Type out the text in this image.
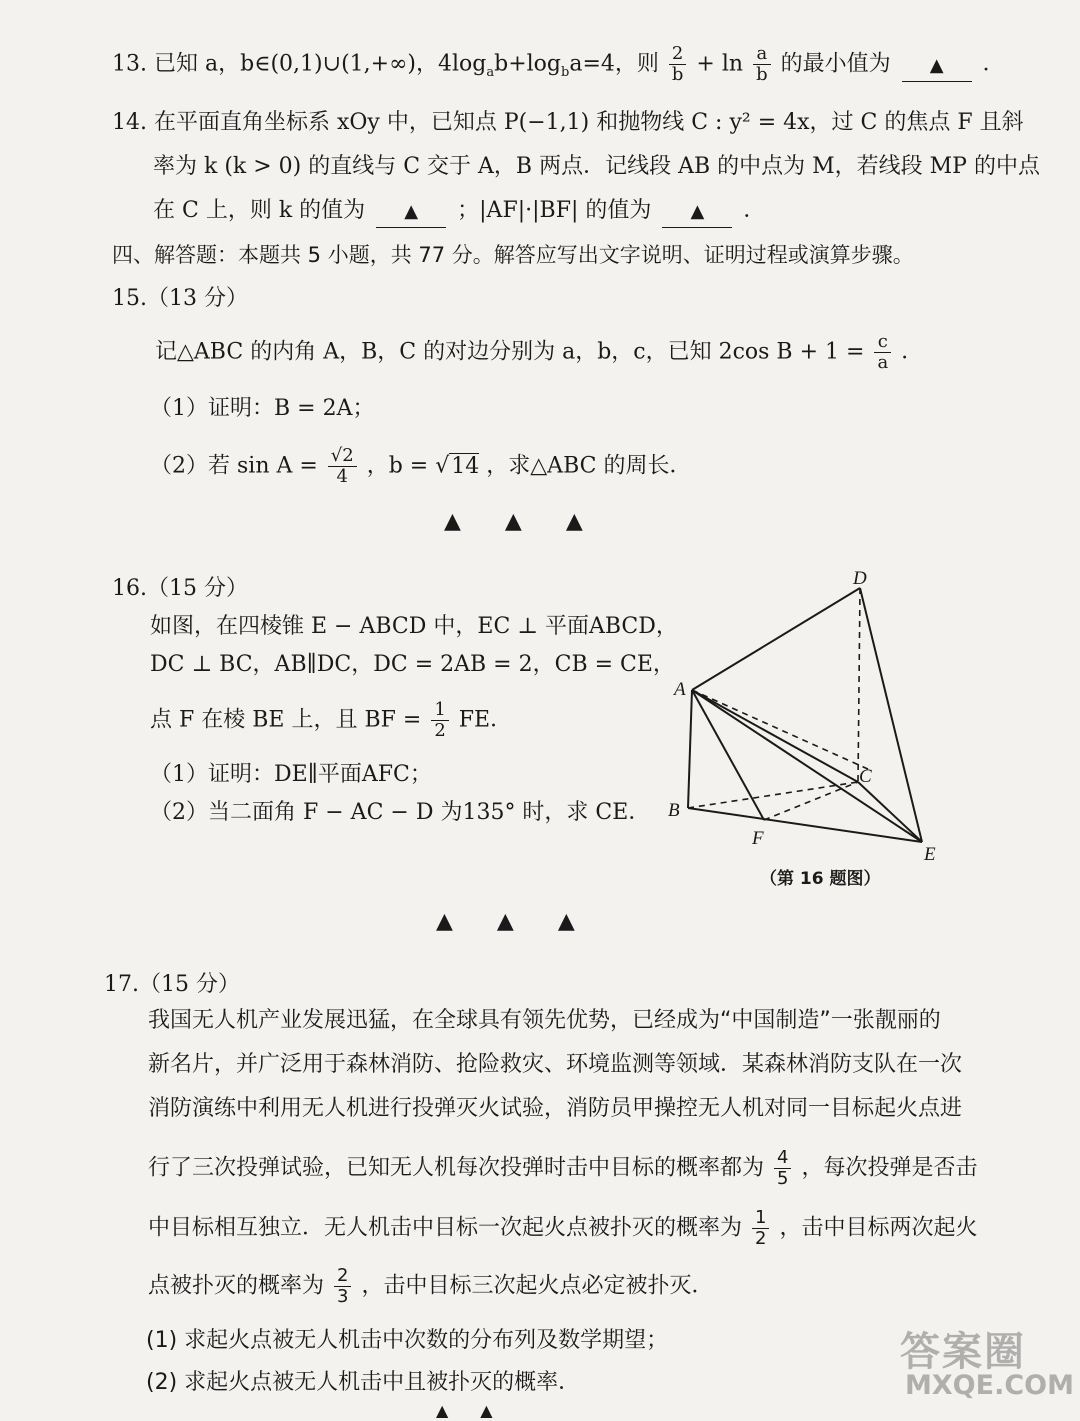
13. 已知 a，b∈(0,1)∪(1,+∞)，$4\log_ab+\log_ba=4$，则 $\frac{2}{b} + \ln \frac{a}{b}$ 的最小值为 ▲ ．
14. 在平面直角坐标系 xOy 中，已知点 P(−1,1) 和抛物线 C : y² = 4x，过 C 的焦点 F 且斜
率为 k (k > 0) 的直线与 C 交于 A，B 两点．记线段 AB 的中点为 M，若线段 MP 的中点
在 C 上，则 k 的值为 ▲ ；|AF|·|BF| 的值为 ▲ ．
四、解答题：本题共 5 小题，共 77 分。解答应写出文字说明、证明过程或演算步骤。
15.（13 分）
记△ABC 的内角 A，B，C 的对边分别为 a，b，c，已知 2cos $B + 1 = \frac{c}{a}$ ．
（1）证明：B = 2A；
（2）若 $\sin A = \frac{√2}{4}$ ，b = √14 ，求△ABC 的周长．
▲　　▲　　▲
16.（15 分）
如图，在四棱锥 E − ABCD 中，EC ⊥ 平面ABCD，
DC ⊥ BC，AB∥DC，DC = 2AB = 2，CB = CE，
点 F 在棱 BE 上，且 BF = $\frac{1}{2}$ FE．
（1）证明：DE∥平面AFC；
（2）当二面角 F − AC − D 为135° 时，求 CE．
D
A
B
C
F
E
（第 16 题图）
▲　　▲　　▲
17.（15 分）
我国无人机产业发展迅猛，在全球具有领先优势，已经成为“中国制造”一张靓丽的
新名片，并广泛用于森林消防、抢险救灾、环境监测等领域．某森林消防支队在一次
消防演练中利用无人机进行投弹灭火试验，消防员甲操控无人机对同一目标起火点进
行了三次投弹试验，已知无人机每次投弹时击中目标的概率都为 $\frac{4}{5}$ ，每次投弹是否击
中目标相互独立．无人机击中目标一次起火点被扑灭的概率为 $\frac{1}{2}$ ，击中目标两次起火
点被扑灭的概率为 $\frac{2}{3}$ ，击中目标三次起火点必定被扑灭．
(1) 求起火点被无人机击中次数的分布列及数学期望；
(2) 求起火点被无人机击中且被扑灭的概率．
▲　　▲
答案圈
MXQE.COM
